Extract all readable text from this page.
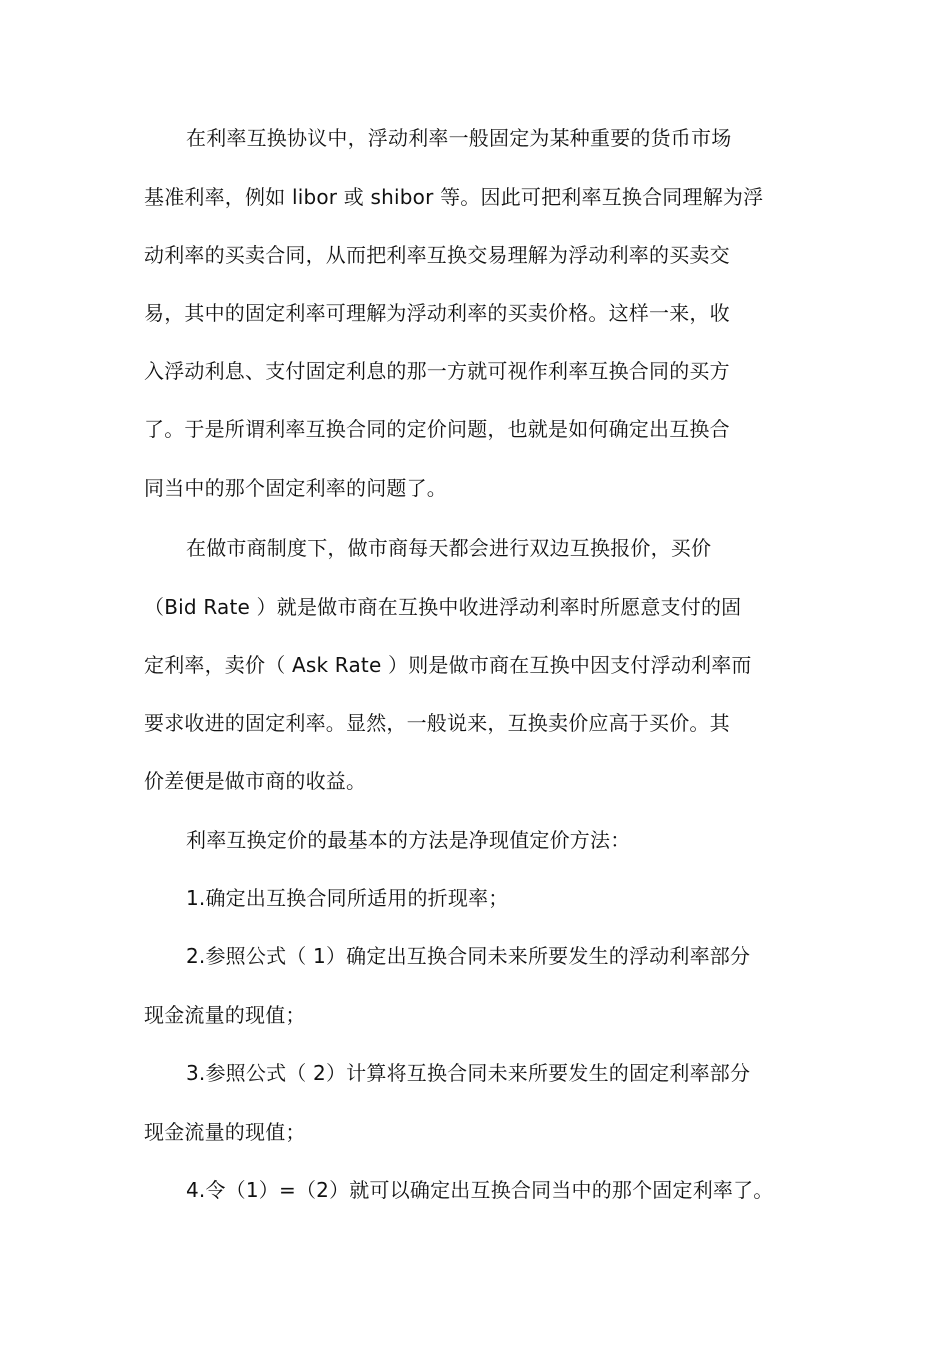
在利率互换协议中，浮动利率一般固定为某种重要的货币市场
基准利率，例如 libor 或 shibor 等。因此可把利率互换合同理解为浮
动利率的买卖合同，从而把利率互换交易理解为浮动利率的买卖交
易，其中的固定利率可理解为浮动利率的买卖价格。这样一来，收
入浮动利息、支付固定利息的那一方就可视作利率互换合同的买方
了。于是所谓利率互换合同的定价问题，也就是如何确定出互换合
同当中的那个固定利率的问题了。
在做市商制度下，做市商每天都会进行双边互换报价，买价
（Bid Rate ）就是做市商在互换中收进浮动利率时所愿意支付的固
定利率，卖价（ Ask Rate ）则是做市商在互换中因支付浮动利率而
要求收进的固定利率。显然，一般说来，互换卖价应高于买价。其
价差便是做市商的收益。
利率互换定价的最基本的方法是净现值定价方法：
1.确定出互换合同所适用的折现率；
2.参照公式（ 1）确定出互换合同未来所要发生的浮动利率部分
现金流量的现值；
3.参照公式（ 2）计算将互换合同未来所要发生的固定利率部分
现金流量的现值；
4.令（1）=（2）就可以确定出互换合同当中的那个固定利率了。
